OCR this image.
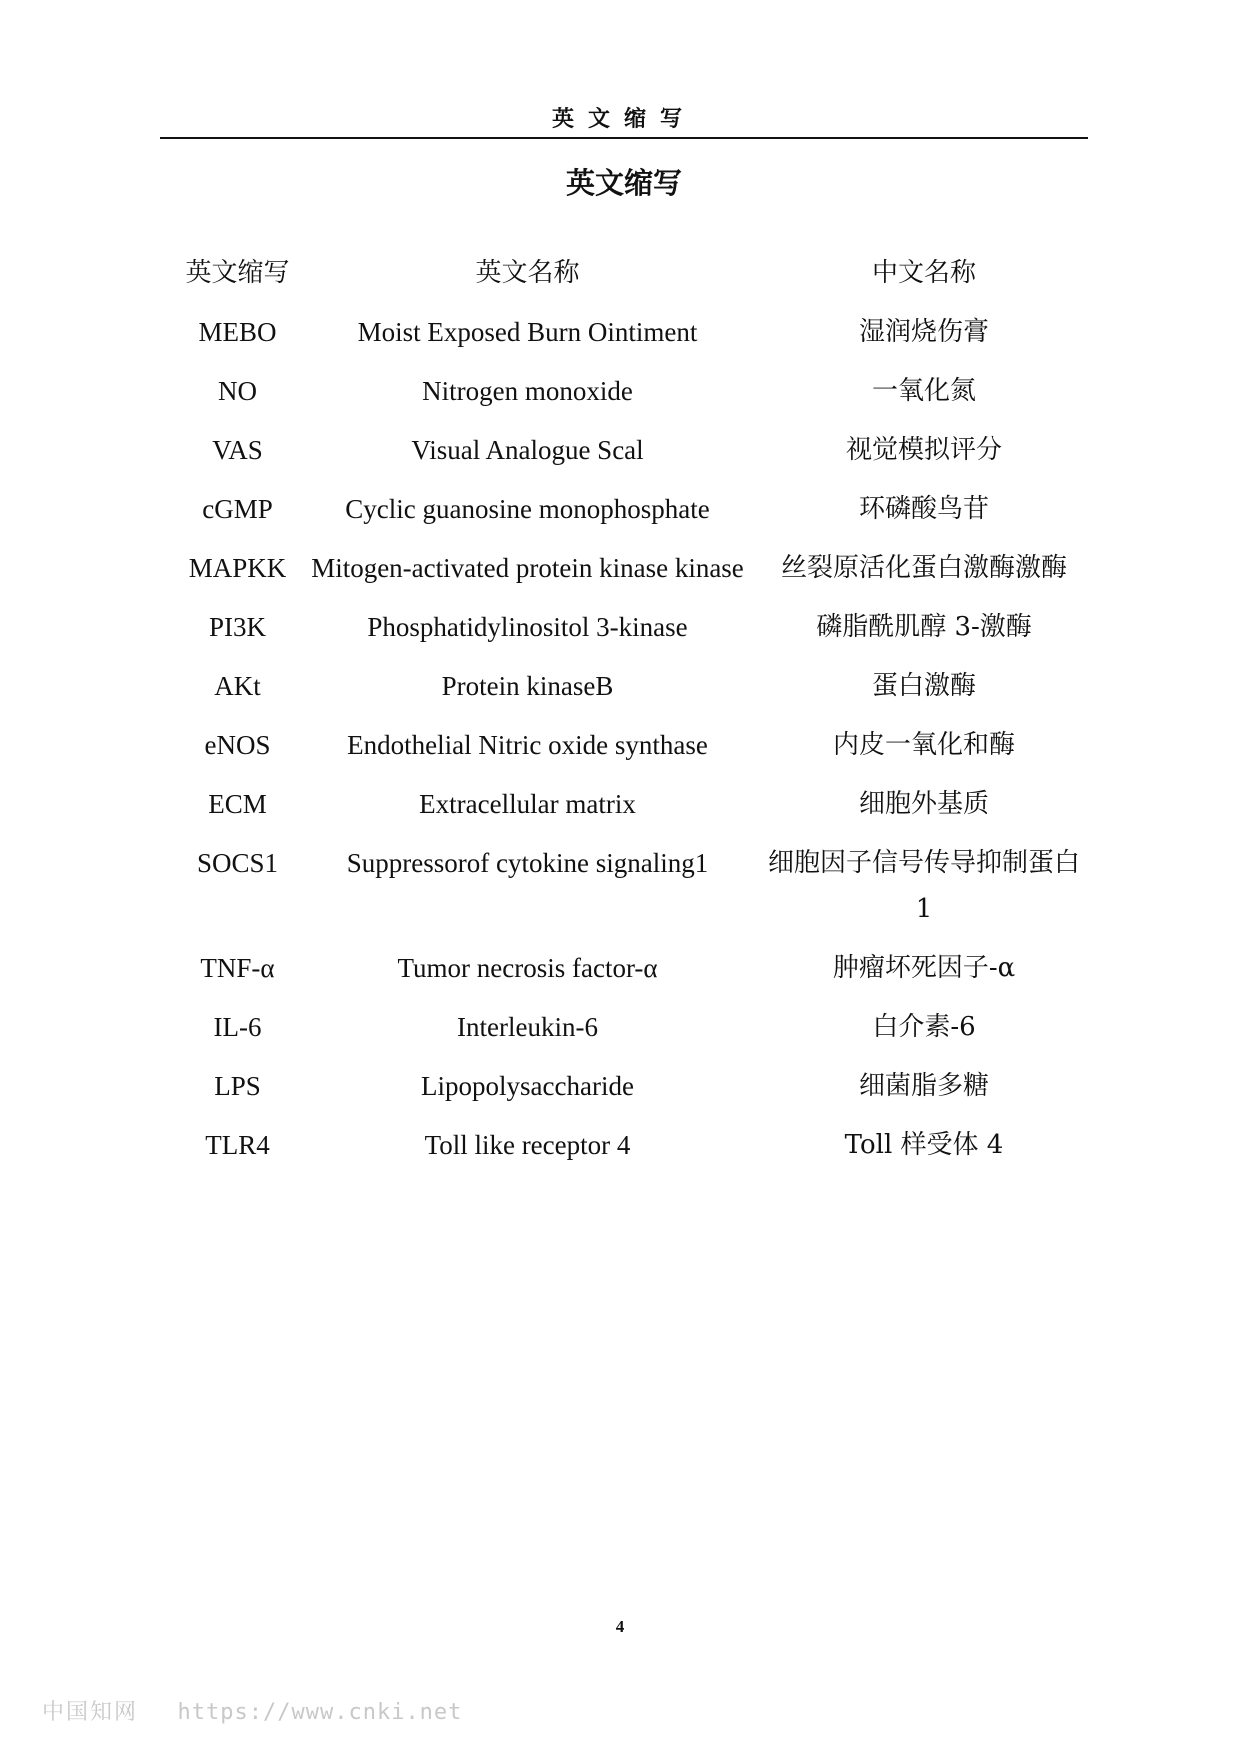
英文缩写
英文缩写
英文缩写	英文名称	中文名称
MEBO	Moist Exposed Burn Ointiment	湿润烧伤膏
NO	Nitrogen monoxide	一氧化氮
VAS	Visual Analogue Scal	视觉模拟评分
cGMP	Cyclic guanosine monophosphate	环磷酸鸟苷
MAPKK Mitogen-activated protein kinase kinase	丝裂原活化蛋白激酶激酶
PI3K	Phosphatidylinositol 3-kinase	磷脂酰肌醇 3-激酶
AKt	Protein kinaseB	蛋白激酶
eNOS	Endothelial Nitric oxide synthase	内皮一氧化和酶
ECM	Extracellular matrix	细胞外基质
SOCS1	Suppressorof cytokine signaling1	细胞因子信号传导抑制蛋白 1
TNF-α	Tumor necrosis factor-α	肿瘤坏死因子-α
IL-6	Interleukin-6	白介素-6
LPS	Lipopolysaccharide	细菌脂多糖
TLR4	Toll like receptor 4	Toll 样受体 4
4
中国知网 https://www.cnki.net
